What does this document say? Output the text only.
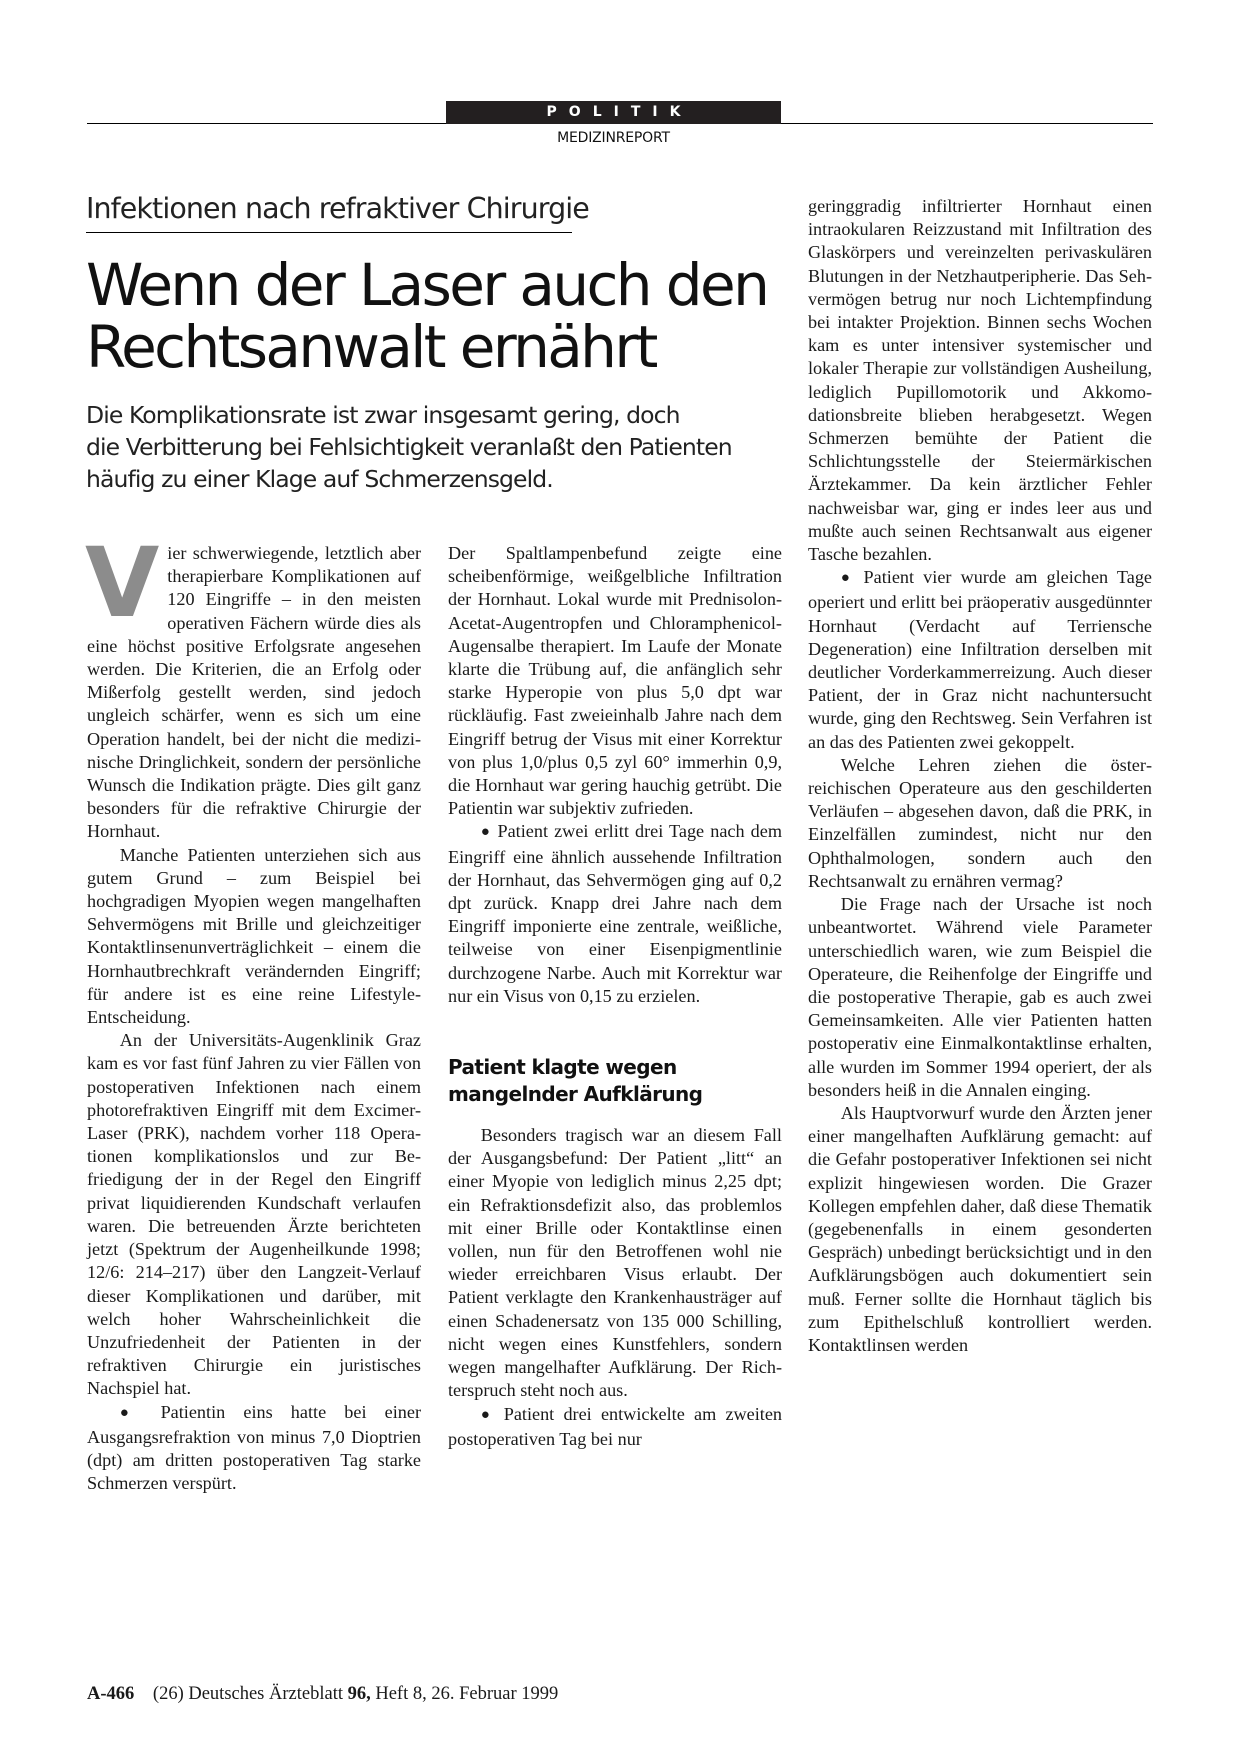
POLITIK
MEDIZINREPORT
Infektionen nach refraktiver Chirurgie
Wenn der Laser auch den
Rechtsanwalt ernährt

Die Komplikationsrate ist zwar insgesamt gering, doch
die Verbitterung bei Fehlsichtigkeit veranlaßt den Patienten
häufig zu einer Klage auf Schmerzensgeld.

Vier schwerwiegende, letztlich aber therapierbare Komplikationen auf 120 Eingriffe – in den meisten operativen Fächern würde dies als eine höchst positive Erfolgsrate angesehen werden. Die Kriterien, die an Erfolg oder Mißerfolg gestellt werden, sind jedoch ungleich schärfer, wenn es sich um eine Operation handelt, bei der nicht die medizinische Dringlichkeit, sondern der persönliche Wunsch die Indikation prägte. Dies gilt ganz besonders für die refraktive Chirurgie der Hornhaut.

Manche Patienten unterziehen sich aus gutem Grund – zum Beispiel bei hochgradigen Myopien wegen mangelhaften Sehvermögens mit Brille und gleichzeitiger Kontaktlinsenunverträglichkeit – einem die Hornhautbrechkraft verändernden Eingriff; für andere ist es eine reine Lifestyle-Entscheidung.

An der Universitäts-Augenklinik Graz kam es vor fast fünf Jahren zu vier Fällen von postoperativen Infektionen nach einem photorefraktiven Eingriff mit dem Excimer-Laser (PRK), nachdem vorher 118 Operationen komplikationslos und zur Befriedigung der in der Regel den Eingriff privat liquidierenden Kundschaft verlaufen waren. Die betreuenden Ärzte berichteten jetzt (Spektrum der Augenheilkunde 1998; 12/6: 214–217) über den Langzeit-Verlauf dieser Komplikationen und darüber, mit welch hoher Wahrscheinlichkeit die Unzufriedenheit der Patienten in der refraktiven Chirurgie ein juristisches Nachspiel hat.

● Patientin eins hatte bei einer Ausgangsrefraktion von minus 7,0 Dioptrien (dpt) am dritten postoperativen Tag starke Schmerzen verspürt.

Der Spaltlampenbefund zeigte eine scheibenförmige, weißgelbliche Infiltration der Hornhaut. Lokal wurde mit Prednisolon-Acetat-Augentropfen und Chloramphenicol-Augensalbe therapiert. Im Laufe der Monate klarte die Trübung auf, die anfänglich sehr starke Hyperopie von plus 5,0 dpt war rückläufig. Fast zweieinhalb Jahre nach dem Eingriff betrug der Visus mit einer Korrektur von plus 1,0/plus 0,5 zyl 60° immerhin 0,9, die Hornhaut war gering hauchig getrübt. Die Patientin war subjektiv zufrieden.

● Patient zwei erlitt drei Tage nach dem Eingriff eine ähnlich aussehende Infiltration der Hornhaut, das Sehvermögen ging auf 0,2 dpt zurück. Knapp drei Jahre nach dem Eingriff imponierte eine zentrale, weißliche, teilweise von einer Eisenpigmentlinie durchzogene Narbe. Auch mit Korrektur war nur ein Visus von 0,15 zu erzielen.

Patient klagte wegen
mangelnder Aufklärung

Besonders tragisch war an diesem Fall der Ausgangsbefund: Der Patient „litt“ an einer Myopie von lediglich minus 2,25 dpt; ein Refraktionsdefizit also, das problemlos mit einer Brille oder Kontaktlinse einen vollen, nun für den Betroffenen wohl nie wieder erreichbaren Visus erlaubt. Der Patient verklagte den Krankenhausträger auf einen Schadenersatz von 135 000 Schilling, nicht wegen eines Kunstfehlers, sondern wegen mangelhafter Aufklärung. Der Richterspruch steht noch aus.

● Patient drei entwickelte am zweiten postoperativen Tag bei nur

geringgradig infiltrierter Hornhaut einen intraokularen Reizzustand mit Infiltration des Glaskörpers und vereinzelten perivaskulären Blutungen in der Netzhautperipherie. Das Sehvermögen betrug nur noch Lichtempfindung bei intakter Projektion. Binnen sechs Wochen kam es unter intensiver systemischer und lokaler Therapie zur vollständigen Ausheilung, lediglich Pupillomotorik und Akkomodationsbreite blieben herabgesetzt. Wegen Schmerzen bemühte der Patient die Schlichtungsstelle der Steiermärkischen Ärztekammer. Da kein ärztlicher Fehler nachweisbar war, ging er indes leer aus und mußte auch seinen Rechtsanwalt aus eigener Tasche bezahlen.

● Patient vier wurde am gleichen Tage operiert und erlitt bei präoperativ ausgedünnter Hornhaut (Verdacht auf Terriensche Degeneration) eine Infiltration derselben mit deutlicher Vorderkammerreizung. Auch dieser Patient, der in Graz nicht nachuntersucht wurde, ging den Rechtsweg. Sein Verfahren ist an das des Patienten zwei gekoppelt.

Welche Lehren ziehen die österreichischen Operateure aus den geschilderten Verläufen – abgesehen davon, daß die PRK, in Einzelfällen zumindest, nicht nur den Ophthalmologen, sondern auch den Rechtsanwalt zu ernähren vermag?

Die Frage nach der Ursache ist noch unbeantwortet. Während viele Parameter unterschiedlich waren, wie zum Beispiel die Operateure, die Reihenfolge der Eingriffe und die postoperative Therapie, gab es auch zwei Gemeinsamkeiten. Alle vier Patienten hatten postoperativ eine Einmalkontaktlinse erhalten, alle wurden im Sommer 1994 operiert, der als besonders heiß in die Annalen einging.

Als Hauptvorwurf wurde den Ärzten jener einer mangelhaften Aufklärung gemacht: auf die Gefahr postoperativer Infektionen sei nicht explizit hingewiesen worden. Die Grazer Kollegen empfehlen daher, daß diese Thematik (gegebenenfalls in einem gesonderten Gespräch) unbedingt berücksichtigt und in den Aufklärungsbögen auch dokumentiert sein muß. Ferner sollte die Hornhaut täglich bis zum Epithelschluß kontrolliert werden. Kontaktlinsen werden

A-466 (26) Deutsches Ärzteblatt 96, Heft 8, 26. Februar 1999
